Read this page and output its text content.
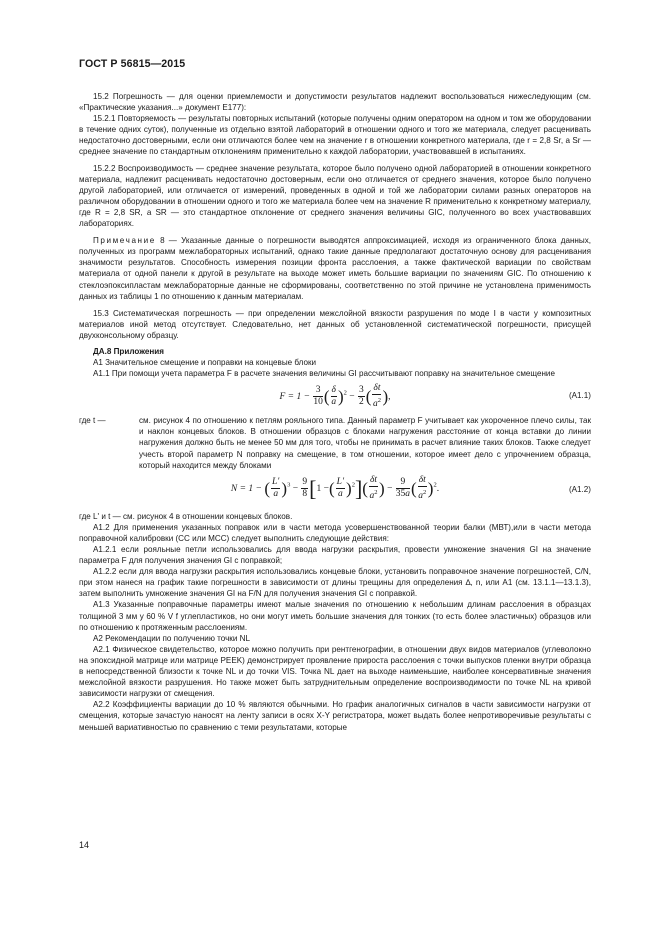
ГОСТ Р 56815—2015

15.2 Погрешность — для оценки приемлемости и допустимости результатов надлежит воспользоваться нижеследующим (см. «Практические указания...» документ E177):

15.2.1 Повторяемость — результаты повторных испытаний (которые получены одним оператором на одном и том же оборудовании в течение одних суток), полученные из отдельно взятой лабораторий в отношении одного и того же материала, следует расценивать недостаточно достоверными, если они отличаются более чем на значение r в отношении конкретного материала, где r = 2,8 Sr, a Sr — среднее значение по стандартным отклонениям применительно к каждой лаборатории, участвовавшей в испытаниях.

15.2.2 Воспроизводимость — среднее значение результата, которое было получено одной лабораторией в отношении конкретного материала, надлежит расценивать недостаточно достоверным, если оно отличается от среднего значения, которое было получено другой лабораторией, или отличается от измерений, проведенных в одной и той же лаборатории силами разных операторов на различном оборудовании в отношении одного и того же материала более чем на значение R применительно к конкретному материалу, где R = 2,8 SR, а SR — это стандартное отклонение от среднего значения величины GIC, полученного во всех участвовавших лабораториях.

Примечание 8 — Указанные данные о погрешности выводятся аппроксимацией, исходя из ограниченного блока данных, полученных из программ межлабораторных испытаний, однако такие данные предполагают достаточную основу для расценивания значимости результатов. Способность измерения позиции фронта расслоения, а также фактической вариации по свойствам материала от одной панели к другой в результате на выходе может иметь большие вариации по значениям GIC. По отношению к стеклоэпоксипластам межлабораторные данные не сформированы, соответственно по этой причине не установлена применимость данных из таблицы 1 по отношению к данным материалам.

15.3 Систематическая погрешность — при определении межслойной вязкости разрушения по моде I в части у композитных материалов иной метод отсутствует. Следовательно, нет данных об установленной систематической погрешности, присущей двухконсольному образцу.

ДА.8 Приложения

А1 Значительное смещение и поправки на концевые блоки

А1.1 При помощи учета параметра F в расчете значения величины GI рассчитывают поправку на значительное смещение

$F = 1 - \frac{3}{10}$ ( $\frac{\delta}{a} )^2 - \frac{3}{2}$ ( $\frac{\delta t}{a^2}$ ),	(A1.1)
где t —	см. рисунок 4 по отношению к петлям рояльного типа. Данный параметр F учитывает как укороченное плечо силы, так и наклон концевых блоков. В отношении образцов с блоками нагружения расстояние от конца вставки до линии нагружения должно быть не менее 50 мм для того, чтобы не принимать в расчет влияние таких блоков. Также следует учесть второй параметр N поправку на смещение, в том отношении, которое имеет дело с упрочнением образца, который находится между блоками
N = 1 − ( $\frac{L'}{a} )^3 - \frac{9}{8} [1$ −( $\frac{L'}{a} )^2]( \frac{\delta t}{a^2}$ ) − $\frac{9}{35a}$ ( $\frac{\delta t}{a^2} )^2$.	(A1.2)

где L' и t — см. рисунок 4 в отношении концевых блоков.

А1.2 Для применения указанных поправок или в части метода усовершенствованной теории балки (МВТ),или в части метода поправочной калибровки (СС или МСС) следует выполнить следующие действия:

А1.2.1 если рояльные петли использовались для ввода нагрузки раскрытия, провести умножение значения GI на значение параметра F для получения значения GI с поправкой;

А1.2.2 если для ввода нагрузки раскрытия использовались концевые блоки, установить поправочное значение погрешностей, C/N, при этом нанеся на график такие погрешности в зависимости от длины трещины для определения ∆, n, или A1 (см. 13.1.1—13.1.3), затем выполнить умножение значения GI на F/N для получения значения GI с поправкой.

А1.3 Указанные поправочные параметры имеют малые значения по отношению к небольшим длинам расслоения в образцах толщиной 3 мм у 60 % V f углепластиков, но они могут иметь большие значения для тонких (то есть более эластичных) образцов или по отношению к протяженным расслоениям.

А2 Рекомендации по получению точки NL

А2.1 Физическое свидетельство, которое можно получить при рентгенографии, в отношении двух видов материалов (углеволокно на эпоксидной матрице или матрице PEEK) демонстрирует проявление прироста расслоения с точки выпусков пленки внутри образца в непосредственной близости к точке NL и до точки VIS. Точка NL дает на выходе наименьшие, наиболее консервативные значения межслойной вязкости разрушения. Но также может быть затруднительным определение воспроизводимости по точке NL на кривой зависимости нагрузки от смещения.

А2.2 Коэффициенты вариации до 10 % являются обычными. Но график аналогичных сигналов в части зависимости нагрузки от смещения, которые зачастую наносят на ленту записи в осях X-Y регистратора, может выдать более непротиворечивые результаты с меньшей вариативностью по сравнению с теми результатами, которые

14
